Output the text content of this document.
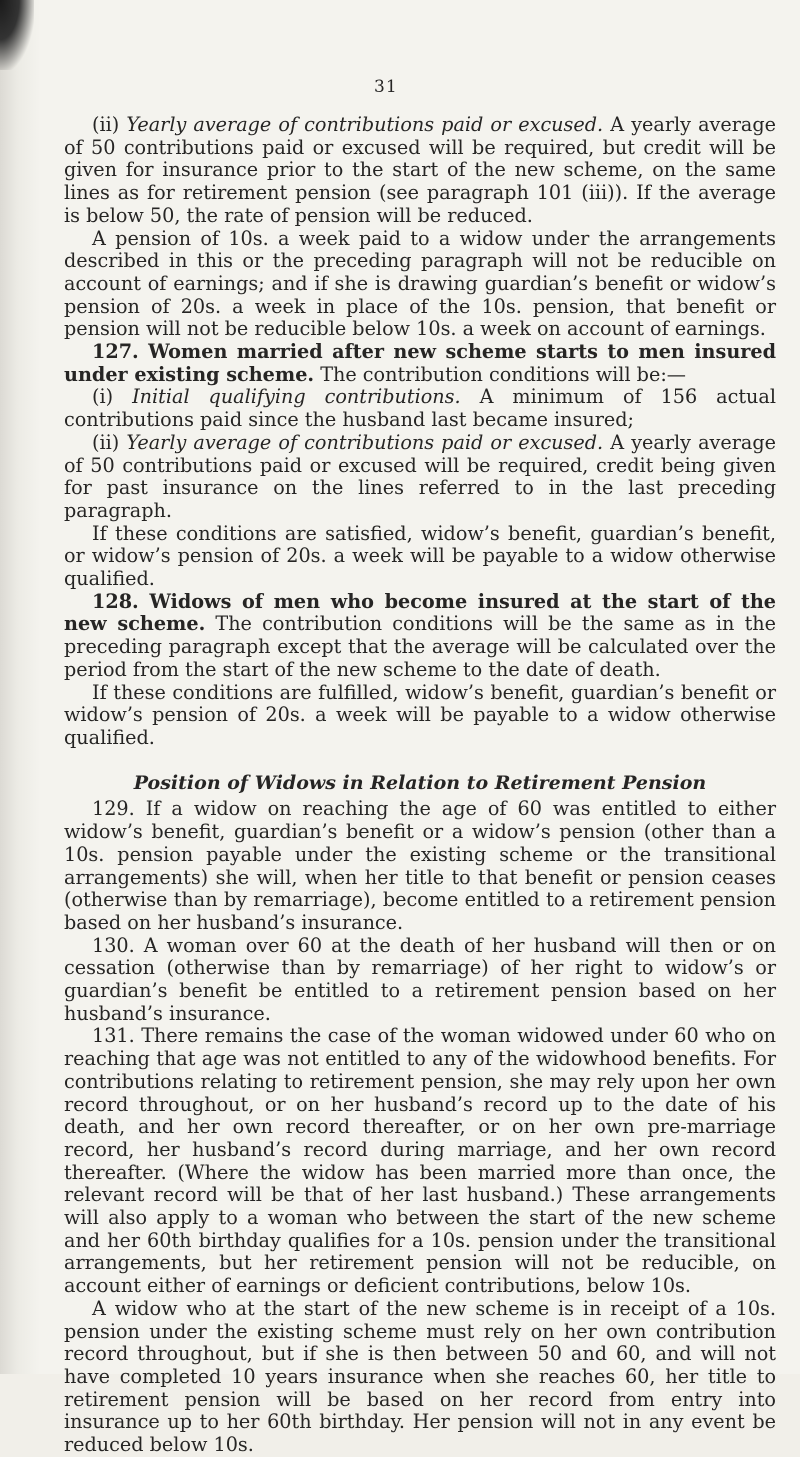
31

(ii) Yearly average of contributions paid or excused. A yearly average of 50 contributions paid or excused will be required, but credit will be given for insurance prior to the start of the new scheme, on the same lines as for retirement pension (see paragraph 101 (iii)). If the average is below 50, the rate of pension will be reduced.

A pension of 10s. a week paid to a widow under the arrangements described in this or the preceding paragraph will not be reducible on account of earnings; and if she is drawing guardian’s benefit or widow’s pension of 20s. a week in place of the 10s. pension, that benefit or pension will not be reducible below 10s. a week on account of earnings.

127. Women married after new scheme starts to men insured under existing scheme. The contribution conditions will be:—

(i) Initial qualifying contributions. A minimum of 156 actual contributions paid since the husband last became insured;

(ii) Yearly average of contributions paid or excused. A yearly average of 50 contributions paid or excused will be required, credit being given for past insurance on the lines referred to in the last preceding paragraph.

If these conditions are satisfied, widow’s benefit, guardian’s benefit, or widow’s pension of 20s. a week will be payable to a widow otherwise qualified.

128. Widows of men who become insured at the start of the new scheme. The contribution conditions will be the same as in the preceding paragraph except that the average will be calculated over the period from the start of the new scheme to the date of death.

If these conditions are fulfilled, widow’s benefit, guardian’s benefit or widow’s pension of 20s. a week will be payable to a widow otherwise qualified.

Position of Widows in Relation to Retirement Pension

129. If a widow on reaching the age of 60 was entitled to either widow’s benefit, guardian’s benefit or a widow’s pension (other than a 10s. pension payable under the existing scheme or the transitional arrangements) she will, when her title to that benefit or pension ceases (otherwise than by remarriage), become entitled to a retirement pension based on her husband’s insurance.

130. A woman over 60 at the death of her husband will then or on cessation (otherwise than by remarriage) of her right to widow’s or guardian’s benefit be entitled to a retirement pension based on her husband’s insurance.

131. There remains the case of the woman widowed under 60 who on reaching that age was not entitled to any of the widowhood benefits. For contributions relating to retirement pension, she may rely upon her own record throughout, or on her husband’s record up to the date of his death, and her own record thereafter, or on her own pre-marriage record, her husband’s record during marriage, and her own record thereafter. (Where the widow has been married more than once, the relevant record will be that of her last husband.) These arrangements will also apply to a woman who between the start of the new scheme and her 60th birthday qualifies for a 10s. pension under the transitional arrangements, but her retirement pension will not be reducible, on account either of earnings or deficient contributions, below 10s.

A widow who at the start of the new scheme is in receipt of a 10s. pension under the existing scheme must rely on her own contribution record throughout, but if she is then between 50 and 60, and will not have completed 10 years insurance when she reaches 60, her title to retirement pension will be based on her record from entry into insurance up to her 60th birthday. Her pension will not in any event be reduced below 10s.
